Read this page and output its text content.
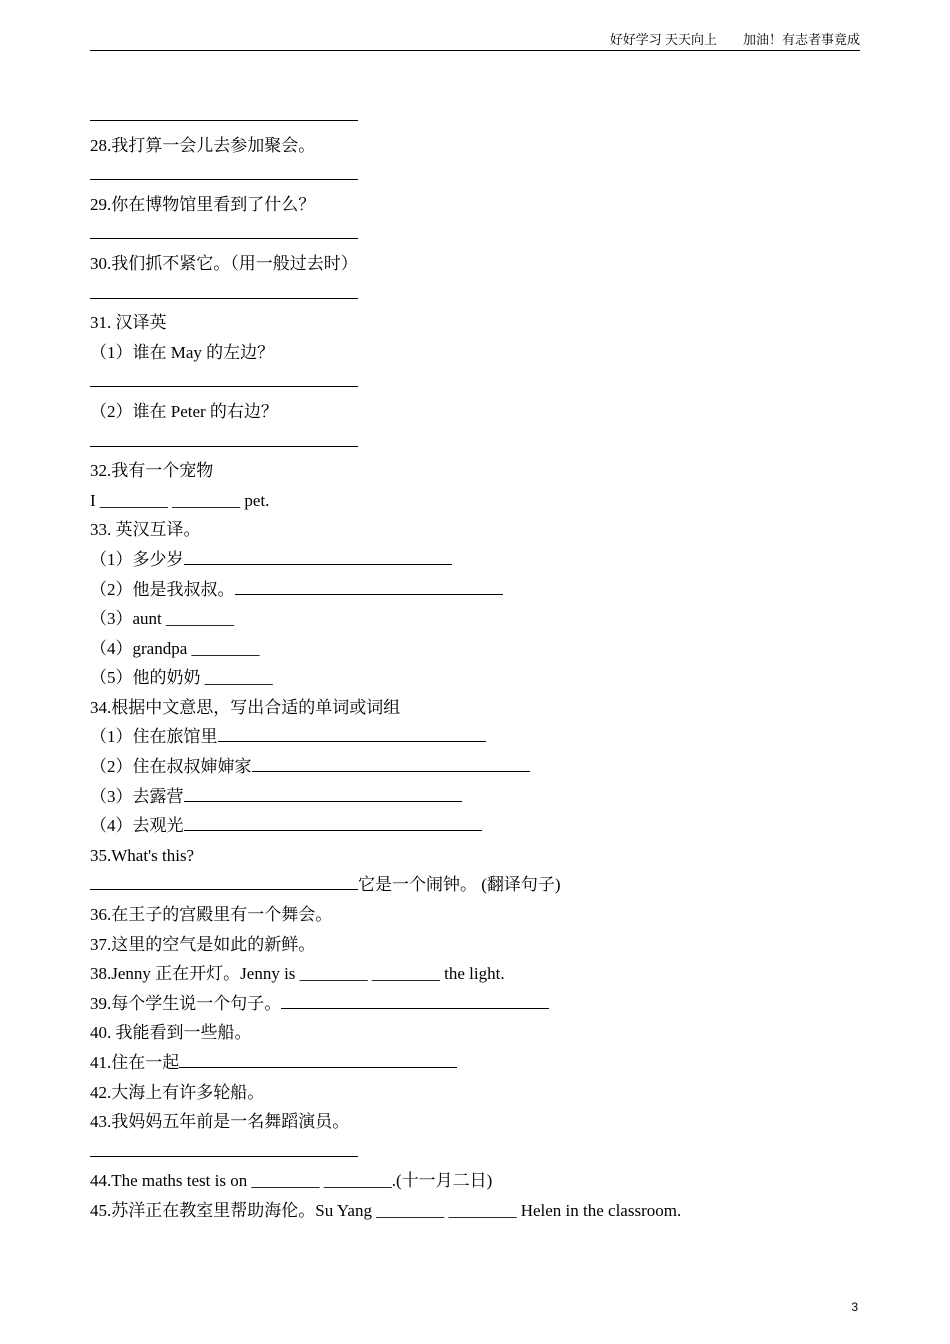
好好学习 天天向上 加油！有志者事竟成
28.我打算一会儿去参加聚会。
29.你在博物馆里看到了什么？
30.我们抓不紧它。（用一般过去时）
31. 汉译英
（1）谁在 May 的左边？
（2）谁在 Peter 的右边？
32.我有一个宠物
I ________ ________ pet.
33. 英汉互译。
（1）多少岁
（2）他是我叔叔。
（3）aunt ________
（4）grandpa ________
（5）他的奶奶 ________
34.根据中文意思，写出合适的单词或词组
（1）住在旅馆里
（2）住在叔叔婶婶家
（3）去露营
（4）去观光
35.What's this?
它是一个闹钟。 (翻译句子)
36.在王子的宫殿里有一个舞会。
37.这里的空气是如此的新鲜。
38.Jenny 正在开灯。Jenny is ________ ________ the light.
39.每个学生说一个句子。
40. 我能看到一些船。
41.住在一起
42.大海上有许多轮船。
43.我妈妈五年前是一名舞蹈演员。
44.The maths test is on ________ ________.(十一月二日)
45.苏洋正在教室里帮助海伦。Su Yang ________ ________ Helen in the classroom.
3
